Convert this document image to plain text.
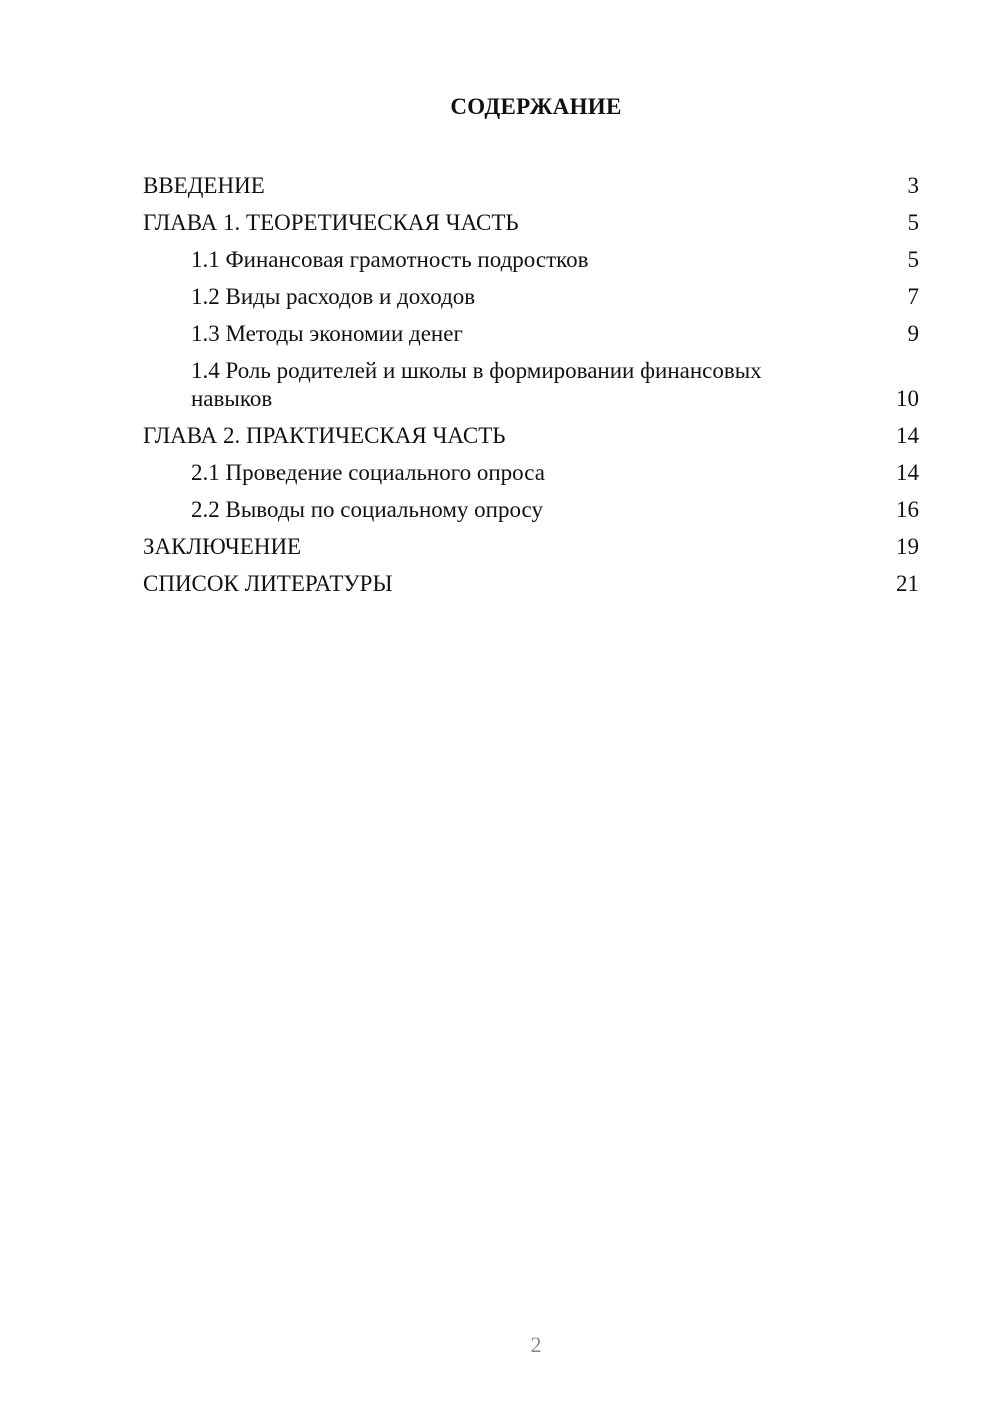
СОДЕРЖАНИЕ
ВВЕДЕНИЕ	3
ГЛАВА 1. ТЕОРЕТИЧЕСКАЯ ЧАСТЬ	5
1.1 Финансовая грамотность подростков	5
1.2 Виды расходов и доходов	7
1.3 Методы экономии денег	9
1.4 Роль родителей и школы в формировании финансовых навыков	10
ГЛАВА 2. ПРАКТИЧЕСКАЯ ЧАСТЬ	14
2.1 Проведение социального опроса	14
2.2 Выводы по социальному опросу	16
ЗАКЛЮЧЕНИЕ	19
СПИСОК ЛИТЕРАТУРЫ	21
2
